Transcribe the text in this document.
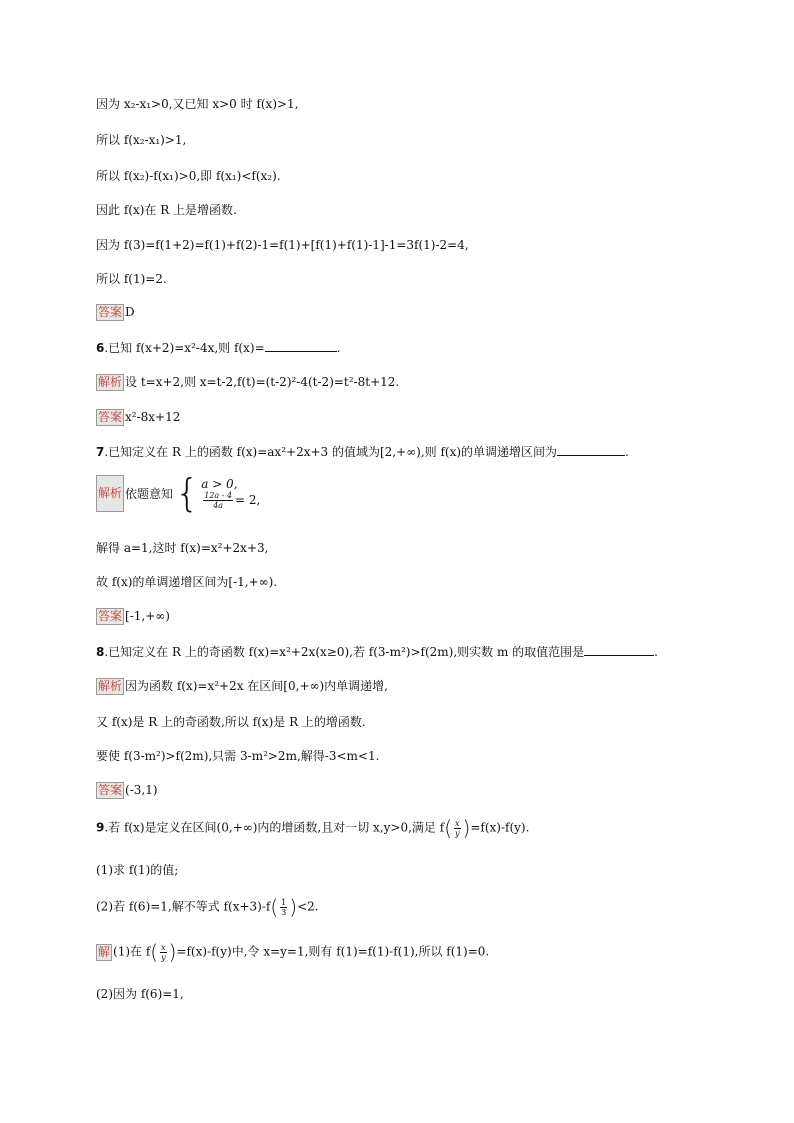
因为 x₂-x₁>0,又已知 x>0 时 f(x)>1,
所以 f(x₂-x₁)>1,
所以 f(x₂)-f(x₁)>0,即 f(x₁)<f(x₂).
因此 f(x)在 R 上是增函数.
因为 f(3)=f(1+2)=f(1)+f(2)-1=f(1)+[f(1)+f(1)-1]-1=3f(1)-2=4,
所以 f(1)=2.
答案 D
6.已知 f(x+2)=x²-4x,则 f(x)=	.
解析 设 t=x+2,则 x=t-2,f(t)=(t-2)²-4(t-2)=t²-8t+12.
答案 x²-8x+12
7.已知定义在 R 上的函数 f(x)=ax²+2x+3 的值域为[2,+∞),则 f(x)的单调递增区间为	.
解析 依题意知 { a > 0,
$\frac{12a - 4}{4a} = 2$,
解得 a=1,这时 f(x)=x²+2x+3,
故 f(x)的单调递增区间为[-1,+∞).
答案 [-1,+∞)
8.已知定义在 R 上的奇函数 f(x)=x²+2x(x≥0),若 f(3-m²)>f(2m),则实数 m 的取值范围是	.
解析 因为函数 f(x)=x²+2x 在区间[0,+∞)内单调递增,
又 f(x)是 R 上的奇函数,所以 f(x)是 R 上的增函数.
要使 f(3-m²)>f(2m),只需 3-m²>2m,解得-3<m<1.
答案 (-3,1)
9.若 f(x)是定义在区间(0,+∞)内的增函数,且对一切 x,y>0,满足 $f( \frac{x}{y} )=f(x)-f(y)$.
(1)求 f(1)的值;
(2)若 f(6)=1,解不等式 $f(x+3)-f( \frac{1}{3} )<2$.
解 (1)在 $f( \frac{x}{y} )=f(x)-f(y)$中,令 x=y=1,则有 f(1)=f(1)-f(1),所以 f(1)=0.
(2)因为 f(6)=1,
